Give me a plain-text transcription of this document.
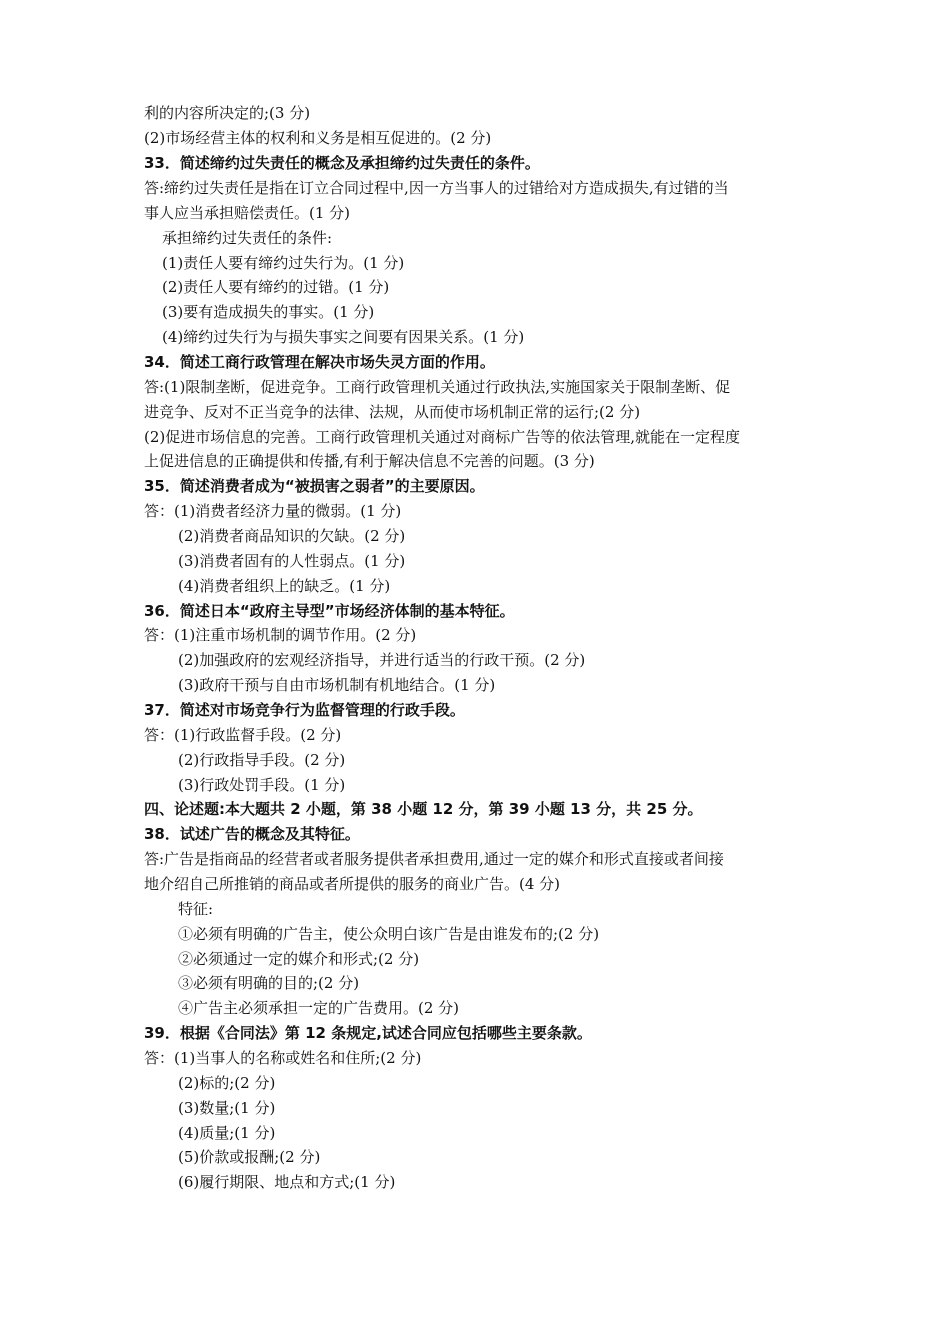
利的内容所决定的;(3 分)
(2)市场经营主体的权利和义务是相互促进的。(2 分)
33．简述缔约过失责任的概念及承担缔约过失责任的条件。
答:缔约过失责任是指在订立合同过程中,因一方当事人的过错给对方造成损失,有过错的当
事人应当承担赔偿责任。(1 分)
承担缔约过失责任的条件:
(1)责任人要有缔约过失行为。(1 分)
(2)责任人要有缔约的过错。(1 分)
(3)要有造成损失的事实。(1 分)
(4)缔约过失行为与损失事实之间要有因果关系。(1 分)
34．简述工商行政管理在解决市场失灵方面的作用。
答:(1)限制垄断，促进竞争。工商行政管理机关通过行政执法,实施国家关于限制垄断、促
进竞争、反对不正当竞争的法律、法规，从而使市场机制正常的运行;(2 分)
(2)促进市场信息的完善。工商行政管理机关通过对商标广告等的依法管理,就能在一定程度
上促进信息的正确提供和传播,有利于解决信息不完善的问题。(3 分)
35．简述消费者成为“被损害之弱者”的主要原因。
答：(1)消费者经济力量的微弱。(1 分)
(2)消费者商品知识的欠缺。(2 分)
(3)消费者固有的人性弱点。(1 分)
(4)消费者组织上的缺乏。(1 分)
36．简述日本“政府主导型”市场经济体制的基本特征。
答：(1)注重市场机制的调节作用。(2 分)
(2)加强政府的宏观经济指导，并进行适当的行政干预。(2 分)
(3)政府干预与自由市场机制有机地结合。(1 分)
37．简述对市场竞争行为监督管理的行政手段。
答：(1)行政监督手段。(2 分)
(2)行政指导手段。(2 分)
(3)行政处罚手段。(1 分)
四、论述题:本大题共 2 小题，第 38 小题 12 分，第 39 小题 13 分，共 25 分。
38．试述广告的概念及其特征。
答:广告是指商品的经营者或者服务提供者承担费用,通过一定的媒介和形式直接或者间接
地介绍自己所推销的商品或者所提供的服务的商业广告。(4 分)
特征:
①必须有明确的广告主，使公众明白该广告是由谁发布的;(2 分)
②必须通过一定的媒介和形式;(2 分)
③必须有明确的目的;(2 分)
④广告主必须承担一定的广告费用。(2 分)
39．根据《合同法》第 12 条规定,试述合同应包括哪些主要条款。
答：(1)当事人的名称或姓名和住所;(2 分)
(2)标的;(2 分)
(3)数量;(1 分)
(4)质量;(1 分)
(5)价款或报酬;(2 分)
(6)履行期限、地点和方式;(1 分)
